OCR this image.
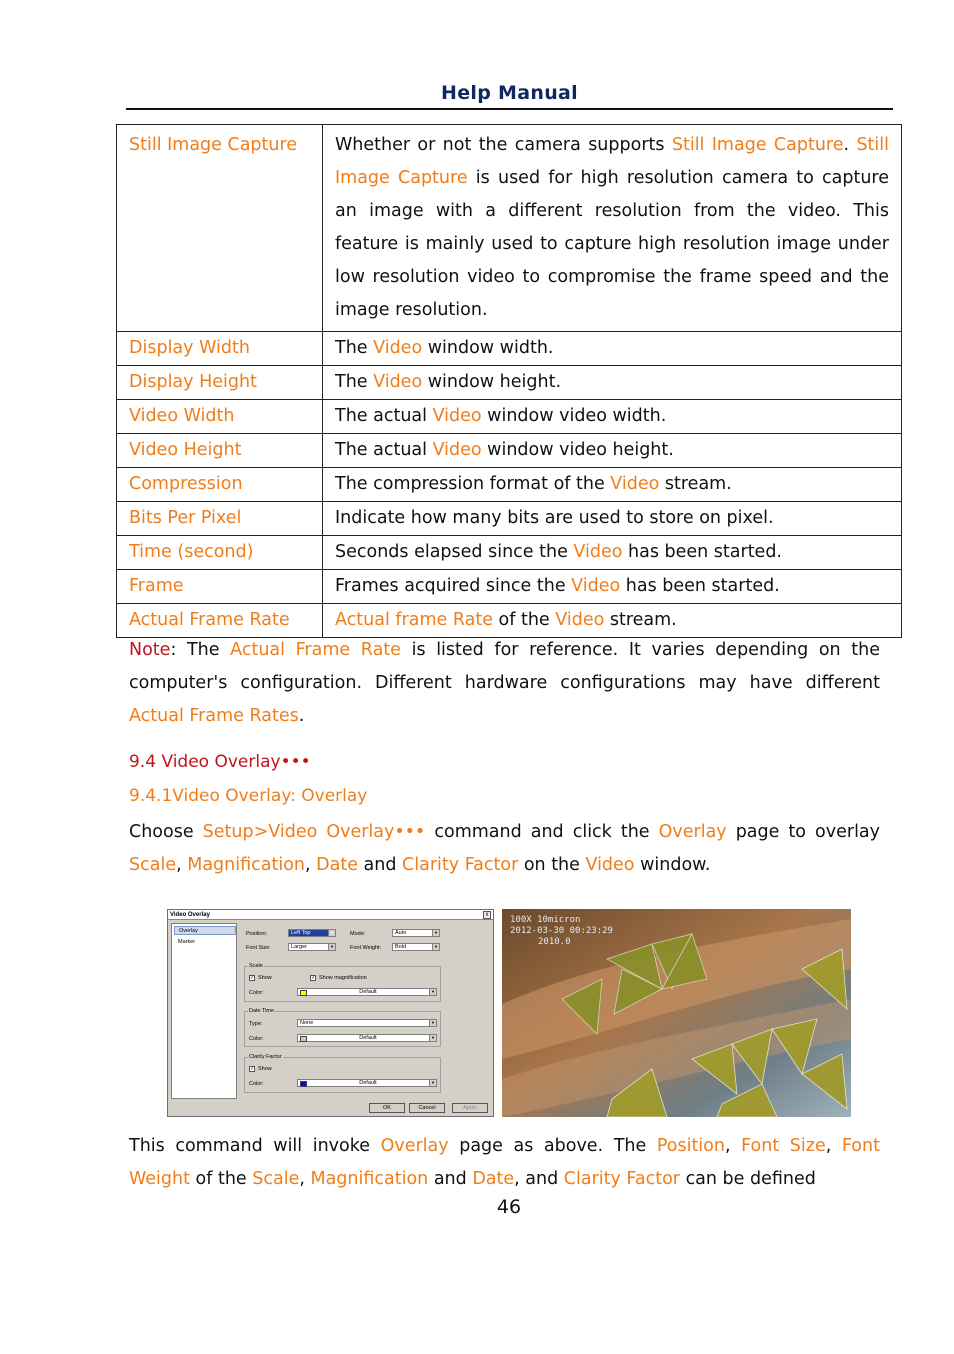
Help Manual
Still Image Capture	Whether or not the camera supports Still Image Capture. Still Image Capture is used for high resolution camera to capture an image with a different resolution from the video. This feature is mainly used to capture high resolution image under low resolution video to compromise the frame speed and the image resolution.
Display Width	The Video window width.
Display Height	The Video window height.
Video Width	The actual Video window video width.
Video Height	The actual Video window video height.
Compression	The compression format of the Video stream.
Bits Per Pixel	Indicate how many bits are used to store on pixel.
Time (second)	Seconds elapsed since the Video has been started.
Frame	Frames acquired since the Video has been started.
Actual Frame Rate	Actual frame Rate of the Video stream.
Note: The Actual Frame Rate is listed for reference. It varies depending on the computer's configuration. Different hardware configurations may have different Actual Frame Rates.
9.4 Video Overlay•••
9.4.1Video Overlay: Overlay
Choose Setup>Video Overlay••• command and click the Overlay page to overlay Scale, Magnification, Date and Clarity Factor on the Video window.
Video Overlay	x
Overlay
Marker
Position:	Left Top	▼	Mode:	Auto	▼
Font Size:	Larger	▼	Font Weight:	Bold	▼
Scale
✓ Show	✓ Show magnification
Color:	Default	▼
Date Time
Type:	None	▼
Color:	Default	▼
Clarity Factor
✓ Show
Color:	Default	▼
OK	Cancel	Apply
100X 10micron
2012-03-30 00:23:29
2010.0
This command will invoke Overlay page as above. The Position, Font Size, Font Weight of the Scale, Magnification and Date, and Clarity Factor can be defined
46
